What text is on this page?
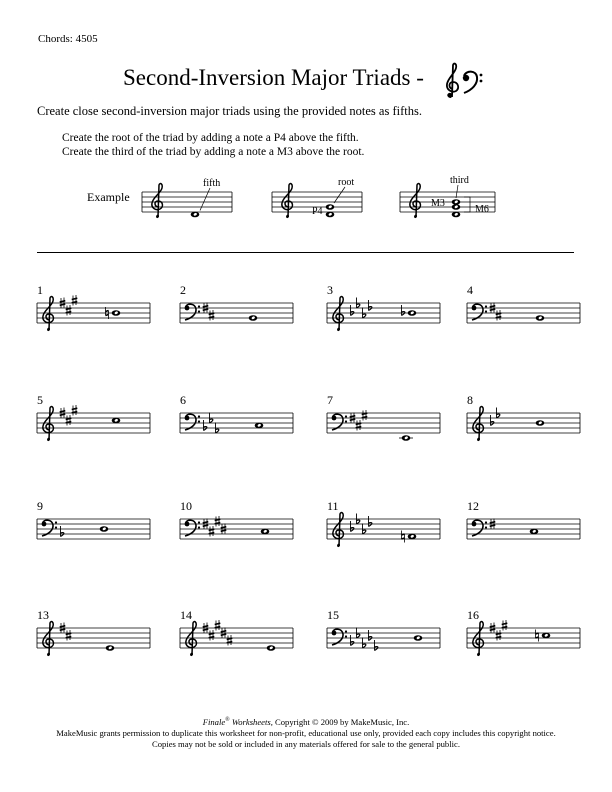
Chords: 4505
Second-Inversion Major Triads -
Create close second-inversion major triads using the provided notes as fifths.
Create the root of the triad by adding a note a P4 above the fifth.
Create the third of the triad by adding a note a M3 above the root.
Example
fifth
P4
root
M3
M6
third
1	2	3	4
5	6	7	8
9	10	11	12
13	14	15	16
Finale® Worksheets, Copyright © 2009 by MakeMusic, Inc.
MakeMusic grants permission to duplicate this worksheet for non-profit, educational use only, provided each copy includes this copyright notice.
Copies may not be sold or included in any materials offered for sale to the general public.
